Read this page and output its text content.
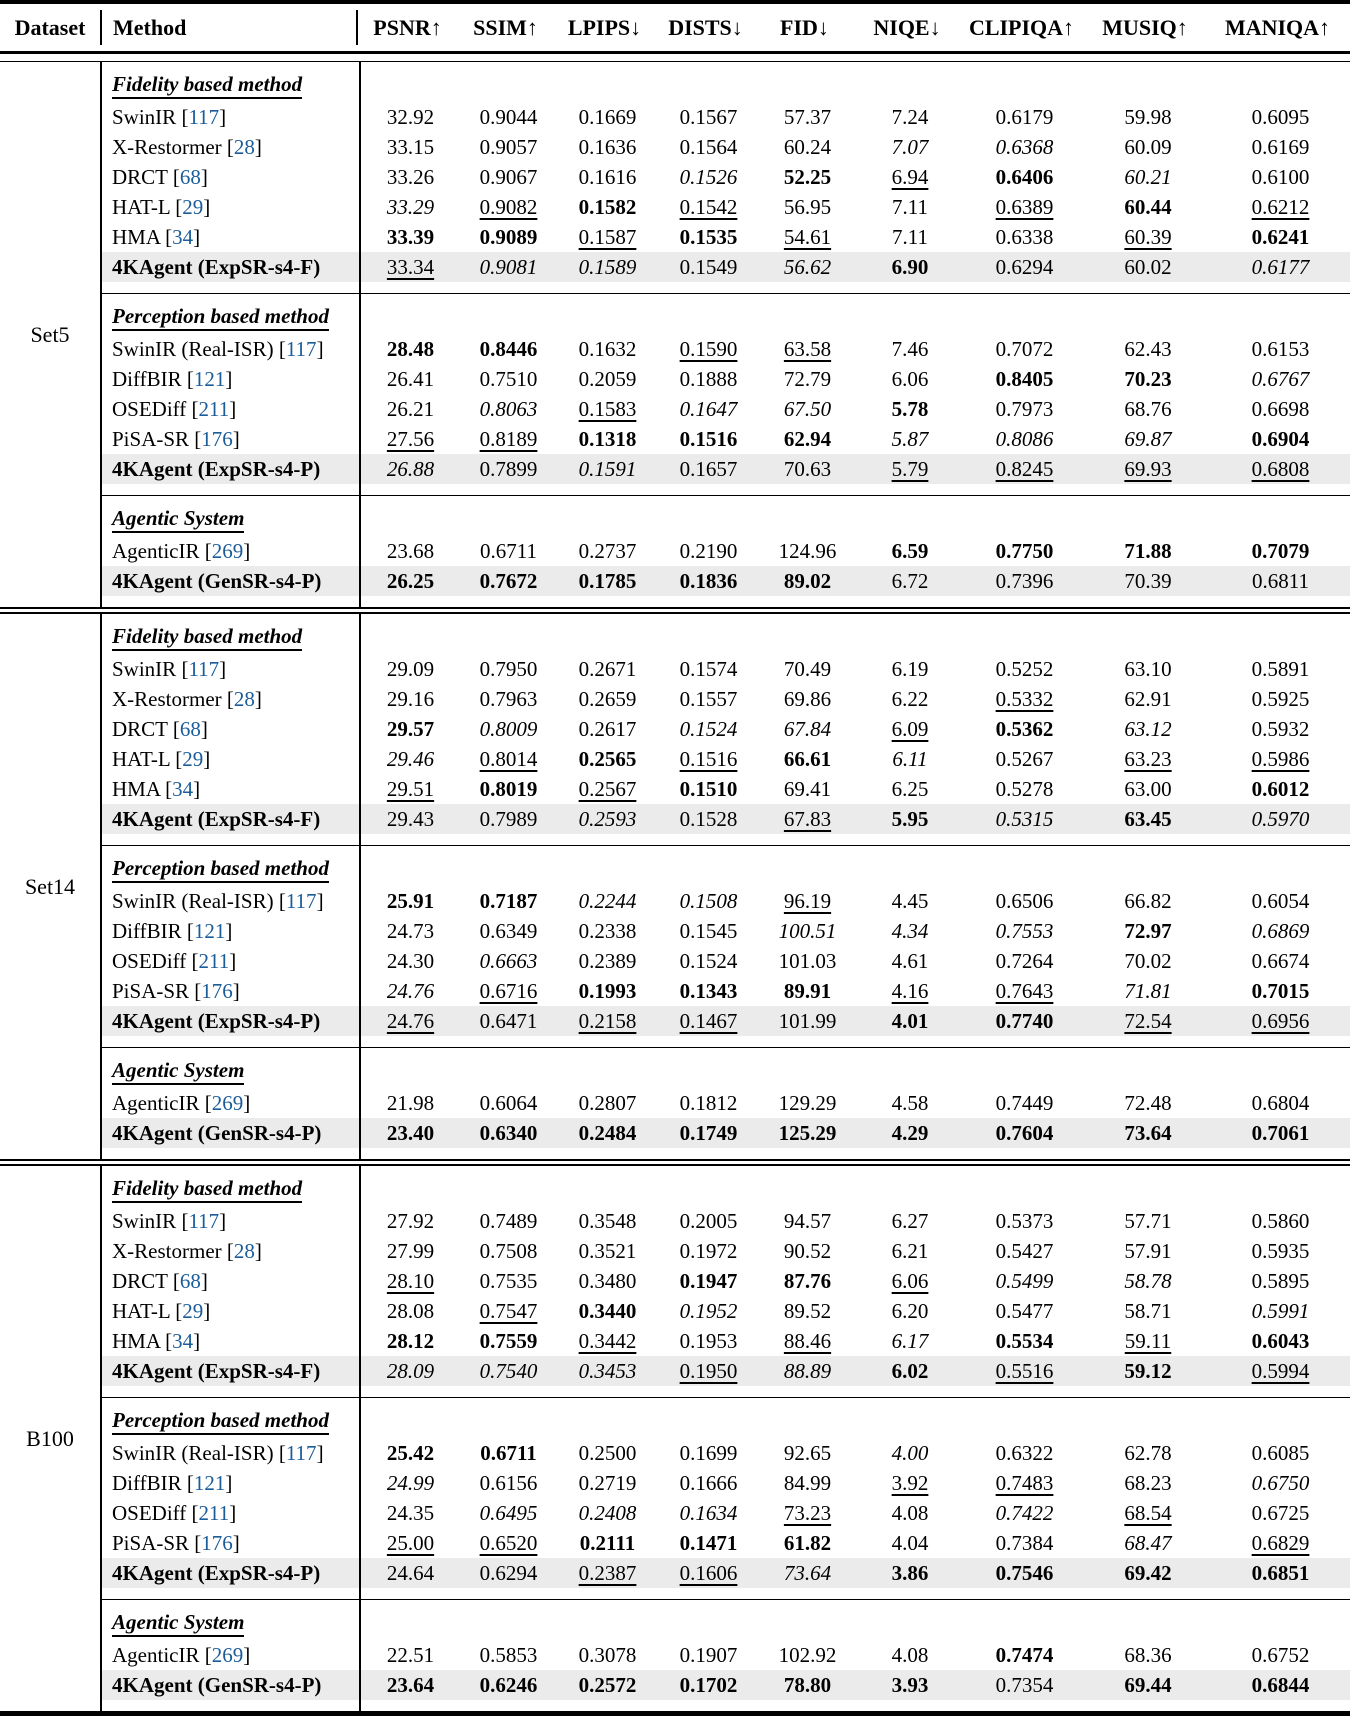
Dataset	Method	PSNR↑	SSIM↑	LPIPS↓	DISTS↓	FID↓	NIQE↓	CLIPIQA↑	MUSIQ↑	MANIQA↑
Set5
Fidelity based method
SwinIR [117]	32.92	0.9044	0.1669	0.1567	57.37	7.24	0.6179	59.98	0.6095
X-Restormer [28]	33.15	0.9057	0.1636	0.1564	60.24	7.07	0.6368	60.09	0.6169
DRCT [68]	33.26	0.9067	0.1616	0.1526	52.25	6.94	0.6406	60.21	0.6100
HAT-L [29]	33.29	0.9082	0.1582	0.1542	56.95	7.11	0.6389	60.44	0.6212
HMA [34]	33.39	0.9089	0.1587	0.1535	54.61	7.11	0.6338	60.39	0.6241
4KAgent (ExpSR-s4-F)	33.34	0.9081	0.1589	0.1549	56.62	6.90	0.6294	60.02	0.6177
Perception based method
SwinIR (Real-ISR) [117]	28.48	0.8446	0.1632	0.1590	63.58	7.46	0.7072	62.43	0.6153
DiffBIR [121]	26.41	0.7510	0.2059	0.1888	72.79	6.06	0.8405	70.23	0.6767
OSEDiff [211]	26.21	0.8063	0.1583	0.1647	67.50	5.78	0.7973	68.76	0.6698
PiSA-SR [176]	27.56	0.8189	0.1318	0.1516	62.94	5.87	0.8086	69.87	0.6904
4KAgent (ExpSR-s4-P)	26.88	0.7899	0.1591	0.1657	70.63	5.79	0.8245	69.93	0.6808
Agentic System
AgenticIR [269]	23.68	0.6711	0.2737	0.2190	124.96	6.59	0.7750	71.88	0.7079
4KAgent (GenSR-s4-P)	26.25	0.7672	0.1785	0.1836	89.02	6.72	0.7396	70.39	0.6811
Set14
Fidelity based method
SwinIR [117]	29.09	0.7950	0.2671	0.1574	70.49	6.19	0.5252	63.10	0.5891
X-Restormer [28]	29.16	0.7963	0.2659	0.1557	69.86	6.22	0.5332	62.91	0.5925
DRCT [68]	29.57	0.8009	0.2617	0.1524	67.84	6.09	0.5362	63.12	0.5932
HAT-L [29]	29.46	0.8014	0.2565	0.1516	66.61	6.11	0.5267	63.23	0.5986
HMA [34]	29.51	0.8019	0.2567	0.1510	69.41	6.25	0.5278	63.00	0.6012
4KAgent (ExpSR-s4-F)	29.43	0.7989	0.2593	0.1528	67.83	5.95	0.5315	63.45	0.5970
Perception based method
SwinIR (Real-ISR) [117]	25.91	0.7187	0.2244	0.1508	96.19	4.45	0.6506	66.82	0.6054
DiffBIR [121]	24.73	0.6349	0.2338	0.1545	100.51	4.34	0.7553	72.97	0.6869
OSEDiff [211]	24.30	0.6663	0.2389	0.1524	101.03	4.61	0.7264	70.02	0.6674
PiSA-SR [176]	24.76	0.6716	0.1993	0.1343	89.91	4.16	0.7643	71.81	0.7015
4KAgent (ExpSR-s4-P)	24.76	0.6471	0.2158	0.1467	101.99	4.01	0.7740	72.54	0.6956
Agentic System
AgenticIR [269]	21.98	0.6064	0.2807	0.1812	129.29	4.58	0.7449	72.48	0.6804
4KAgent (GenSR-s4-P)	23.40	0.6340	0.2484	0.1749	125.29	4.29	0.7604	73.64	0.7061
B100
Fidelity based method
SwinIR [117]	27.92	0.7489	0.3548	0.2005	94.57	6.27	0.5373	57.71	0.5860
X-Restormer [28]	27.99	0.7508	0.3521	0.1972	90.52	6.21	0.5427	57.91	0.5935
DRCT [68]	28.10	0.7535	0.3480	0.1947	87.76	6.06	0.5499	58.78	0.5895
HAT-L [29]	28.08	0.7547	0.3440	0.1952	89.52	6.20	0.5477	58.71	0.5991
HMA [34]	28.12	0.7559	0.3442	0.1953	88.46	6.17	0.5534	59.11	0.6043
4KAgent (ExpSR-s4-F)	28.09	0.7540	0.3453	0.1950	88.89	6.02	0.5516	59.12	0.5994
Perception based method
SwinIR (Real-ISR) [117]	25.42	0.6711	0.2500	0.1699	92.65	4.00	0.6322	62.78	0.6085
DiffBIR [121]	24.99	0.6156	0.2719	0.1666	84.99	3.92	0.7483	68.23	0.6750
OSEDiff [211]	24.35	0.6495	0.2408	0.1634	73.23	4.08	0.7422	68.54	0.6725
PiSA-SR [176]	25.00	0.6520	0.2111	0.1471	61.82	4.04	0.7384	68.47	0.6829
4KAgent (ExpSR-s4-P)	24.64	0.6294	0.2387	0.1606	73.64	3.86	0.7546	69.42	0.6851
Agentic System
AgenticIR [269]	22.51	0.5853	0.3078	0.1907	102.92	4.08	0.7474	68.36	0.6752
4KAgent (GenSR-s4-P)	23.64	0.6246	0.2572	0.1702	78.80	3.93	0.7354	69.44	0.6844
